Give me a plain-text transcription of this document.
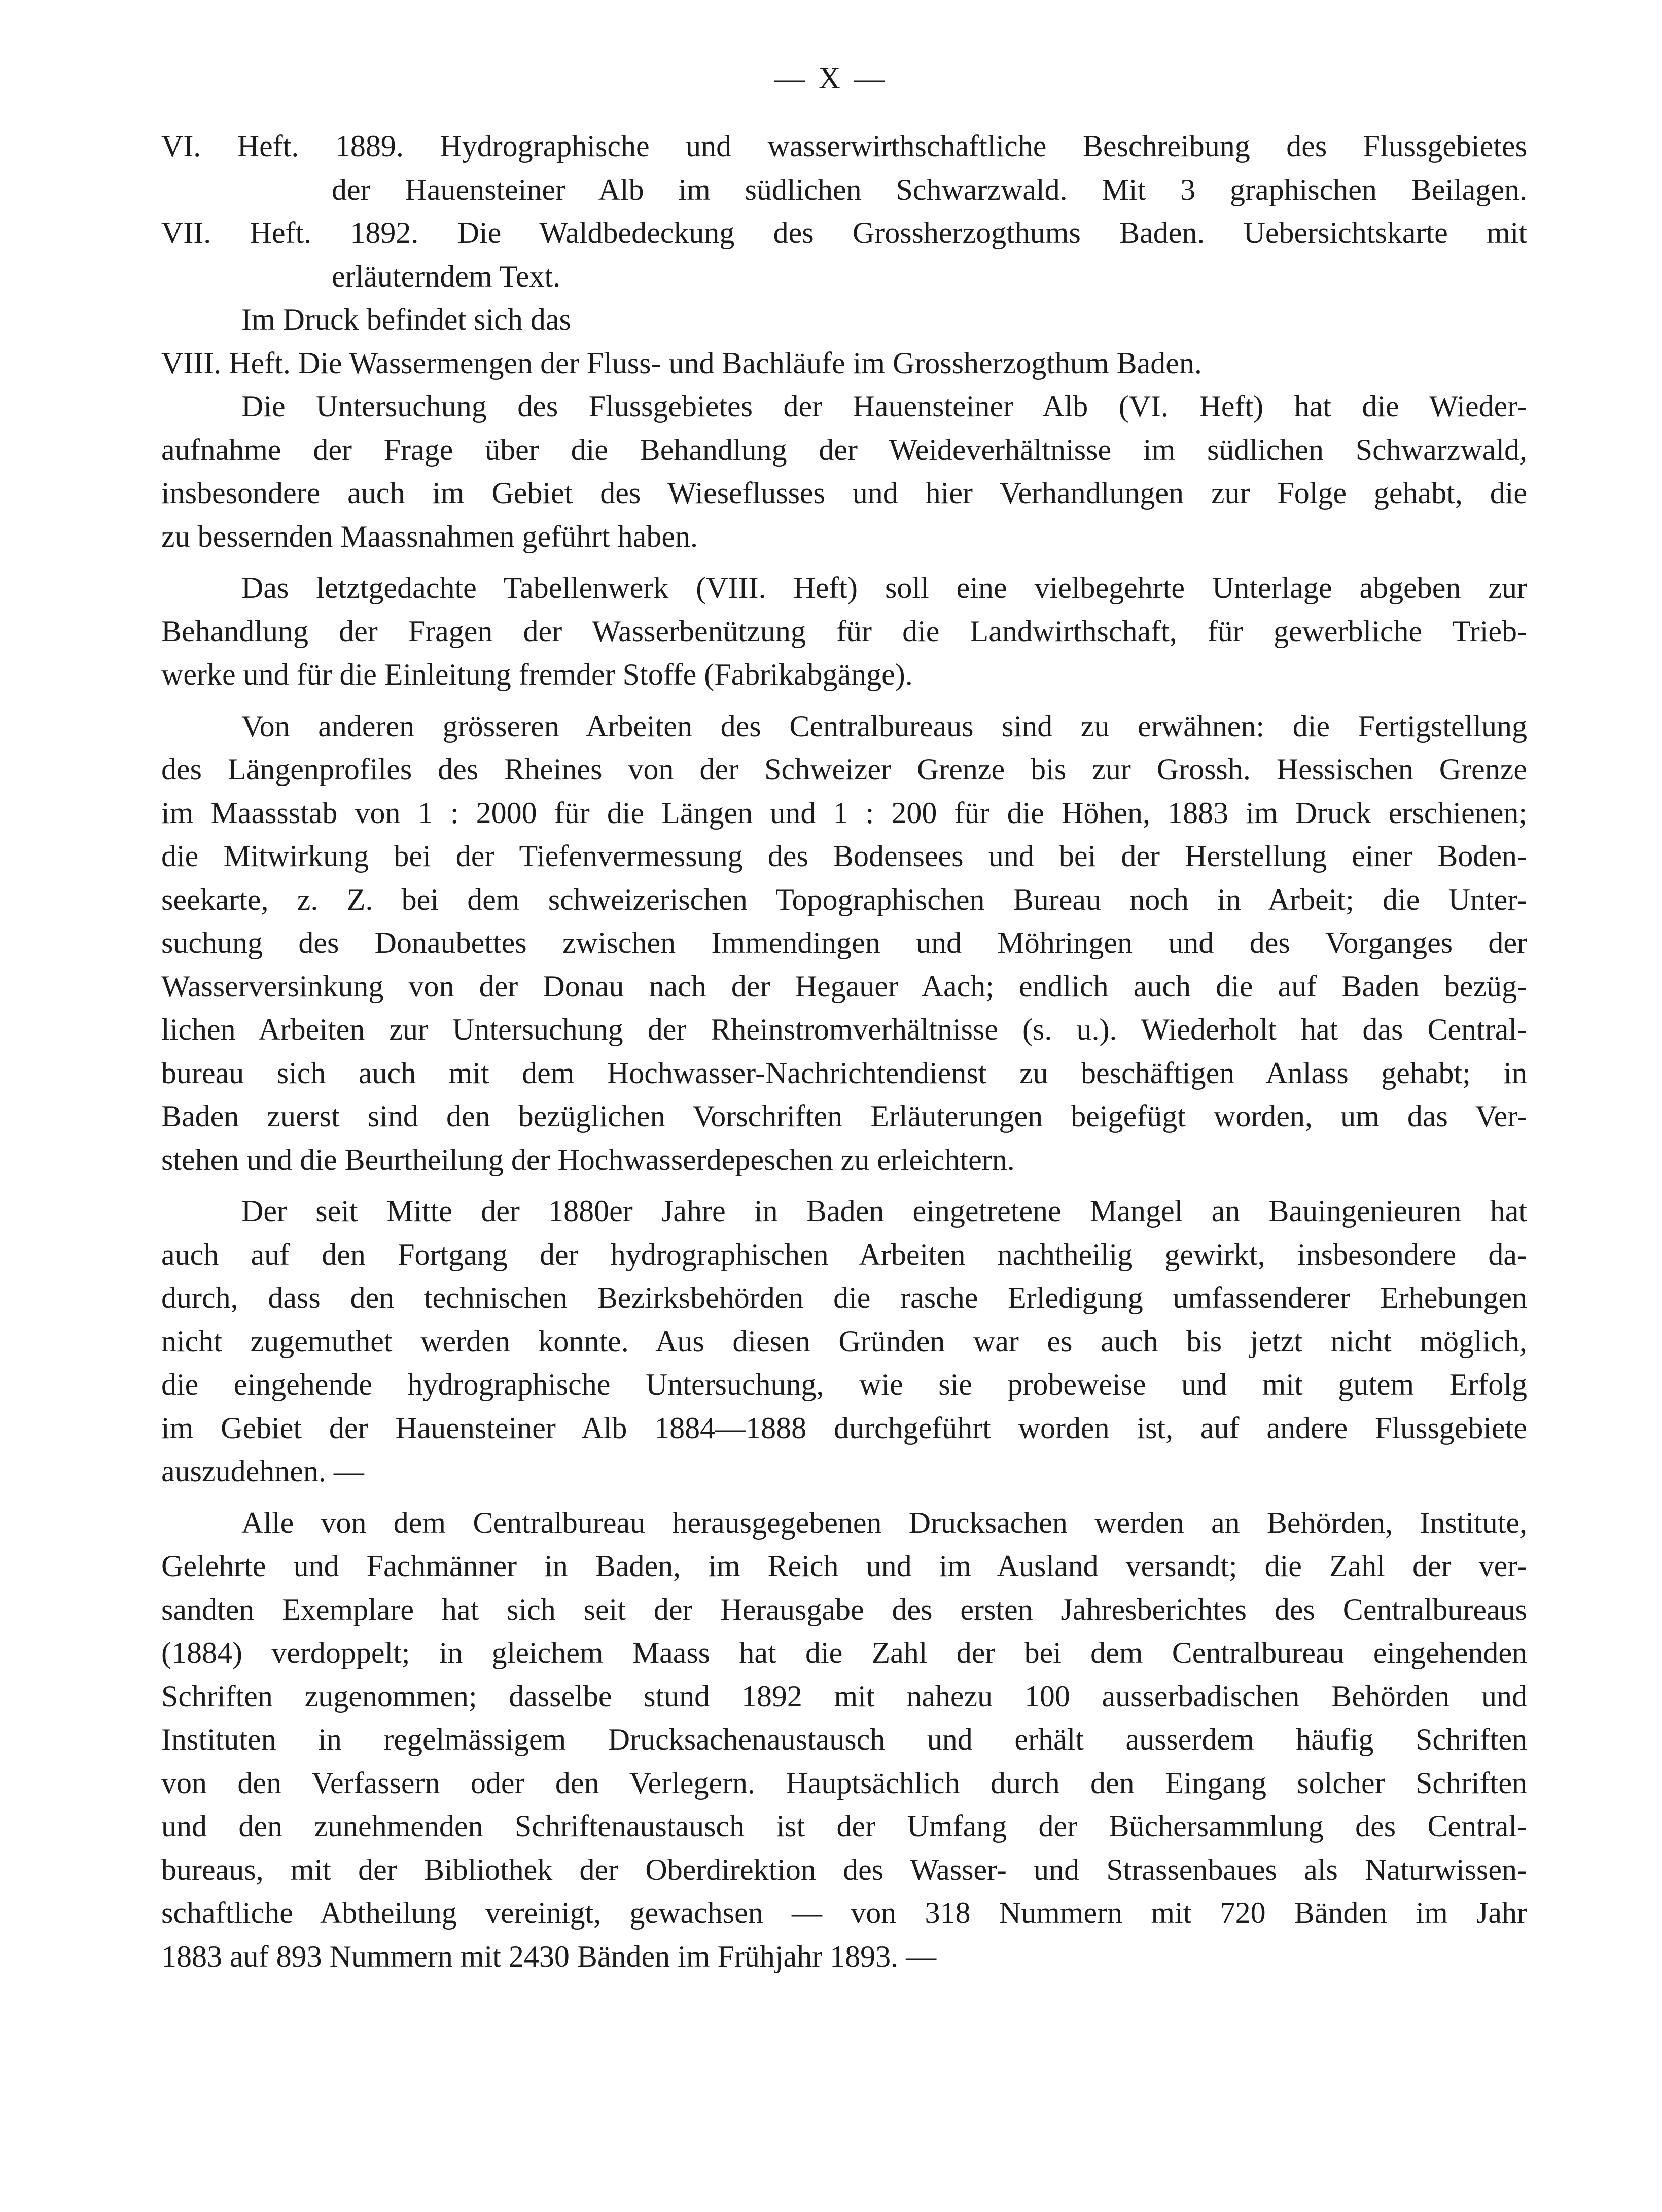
— X —
VI. Heft. 1889. Hydrographische und wasserwirthschaftliche Beschreibung des Flussgebietes
der Hauensteiner Alb im südlichen Schwarzwald. Mit 3 graphischen Beilagen.
VII. Heft. 1892. Die Waldbedeckung des Grossherzogthums Baden. Uebersichtskarte mit
erläuterndem Text.
Im Druck befindet sich das
VIII. Heft. Die Wassermengen der Fluss- und Bachläufe im Grossherzogthum Baden.
Die Untersuchung des Flussgebietes der Hauensteiner Alb (VI. Heft) hat die Wieder-
aufnahme der Frage über die Behandlung der Weideverhältnisse im südlichen Schwarzwald,
insbesondere auch im Gebiet des Wieseflusses und hier Verhandlungen zur Folge gehabt, die
zu bessernden Maassnahmen geführt haben.
Das letztgedachte Tabellenwerk (VIII. Heft) soll eine vielbegehrte Unterlage abgeben zur
Behandlung der Fragen der Wasserbenützung für die Landwirthschaft, für gewerbliche Trieb-
werke und für die Einleitung fremder Stoffe (Fabrikabgänge).
Von anderen grösseren Arbeiten des Centralbureaus sind zu erwähnen: die Fertigstellung
des Längenprofiles des Rheines von der Schweizer Grenze bis zur Grossh. Hessischen Grenze
im Maassstab von 1 : 2000 für die Längen und 1 : 200 für die Höhen, 1883 im Druck erschienen;
die Mitwirkung bei der Tiefenvermessung des Bodensees und bei der Herstellung einer Boden-
seekarte, z. Z. bei dem schweizerischen Topographischen Bureau noch in Arbeit; die Unter-
suchung des Donaubettes zwischen Immendingen und Möhringen und des Vorganges der
Wasserversinkung von der Donau nach der Hegauer Aach; endlich auch die auf Baden bezüg-
lichen Arbeiten zur Untersuchung der Rheinstromverhältnisse (s. u.). Wiederholt hat das Central-
bureau sich auch mit dem Hochwasser-Nachrichtendienst zu beschäftigen Anlass gehabt; in
Baden zuerst sind den bezüglichen Vorschriften Erläuterungen beigefügt worden, um das Ver-
stehen und die Beurtheilung der Hochwasserdepeschen zu erleichtern.
Der seit Mitte der 1880er Jahre in Baden eingetretene Mangel an Bauingenieuren hat
auch auf den Fortgang der hydrographischen Arbeiten nachtheilig gewirkt, insbesondere da-
durch, dass den technischen Bezirksbehörden die rasche Erledigung umfassenderer Erhebungen
nicht zugemuthet werden konnte. Aus diesen Gründen war es auch bis jetzt nicht möglich,
die eingehende hydrographische Untersuchung, wie sie probeweise und mit gutem Erfolg
im Gebiet der Hauensteiner Alb 1884—1888 durchgeführt worden ist, auf andere Flussgebiete
auszudehnen. —
Alle von dem Centralbureau herausgegebenen Drucksachen werden an Behörden, Institute,
Gelehrte und Fachmänner in Baden, im Reich und im Ausland versandt; die Zahl der ver-
sandten Exemplare hat sich seit der Herausgabe des ersten Jahresberichtes des Centralbureaus
(1884) verdoppelt; in gleichem Maass hat die Zahl der bei dem Centralbureau eingehenden
Schriften zugenommen; dasselbe stund 1892 mit nahezu 100 ausserbadischen Behörden und
Instituten in regelmässigem Drucksachenaustausch und erhält ausserdem häufig Schriften
von den Verfassern oder den Verlegern. Hauptsächlich durch den Eingang solcher Schriften
und den zunehmenden Schriftenaustausch ist der Umfang der Büchersammlung des Central-
bureaus, mit der Bibliothek der Oberdirektion des Wasser- und Strassenbaues als Naturwissen-
schaftliche Abtheilung vereinigt, gewachsen — von 318 Nummern mit 720 Bänden im Jahr
1883 auf 893 Nummern mit 2430 Bänden im Frühjahr 1893. —
